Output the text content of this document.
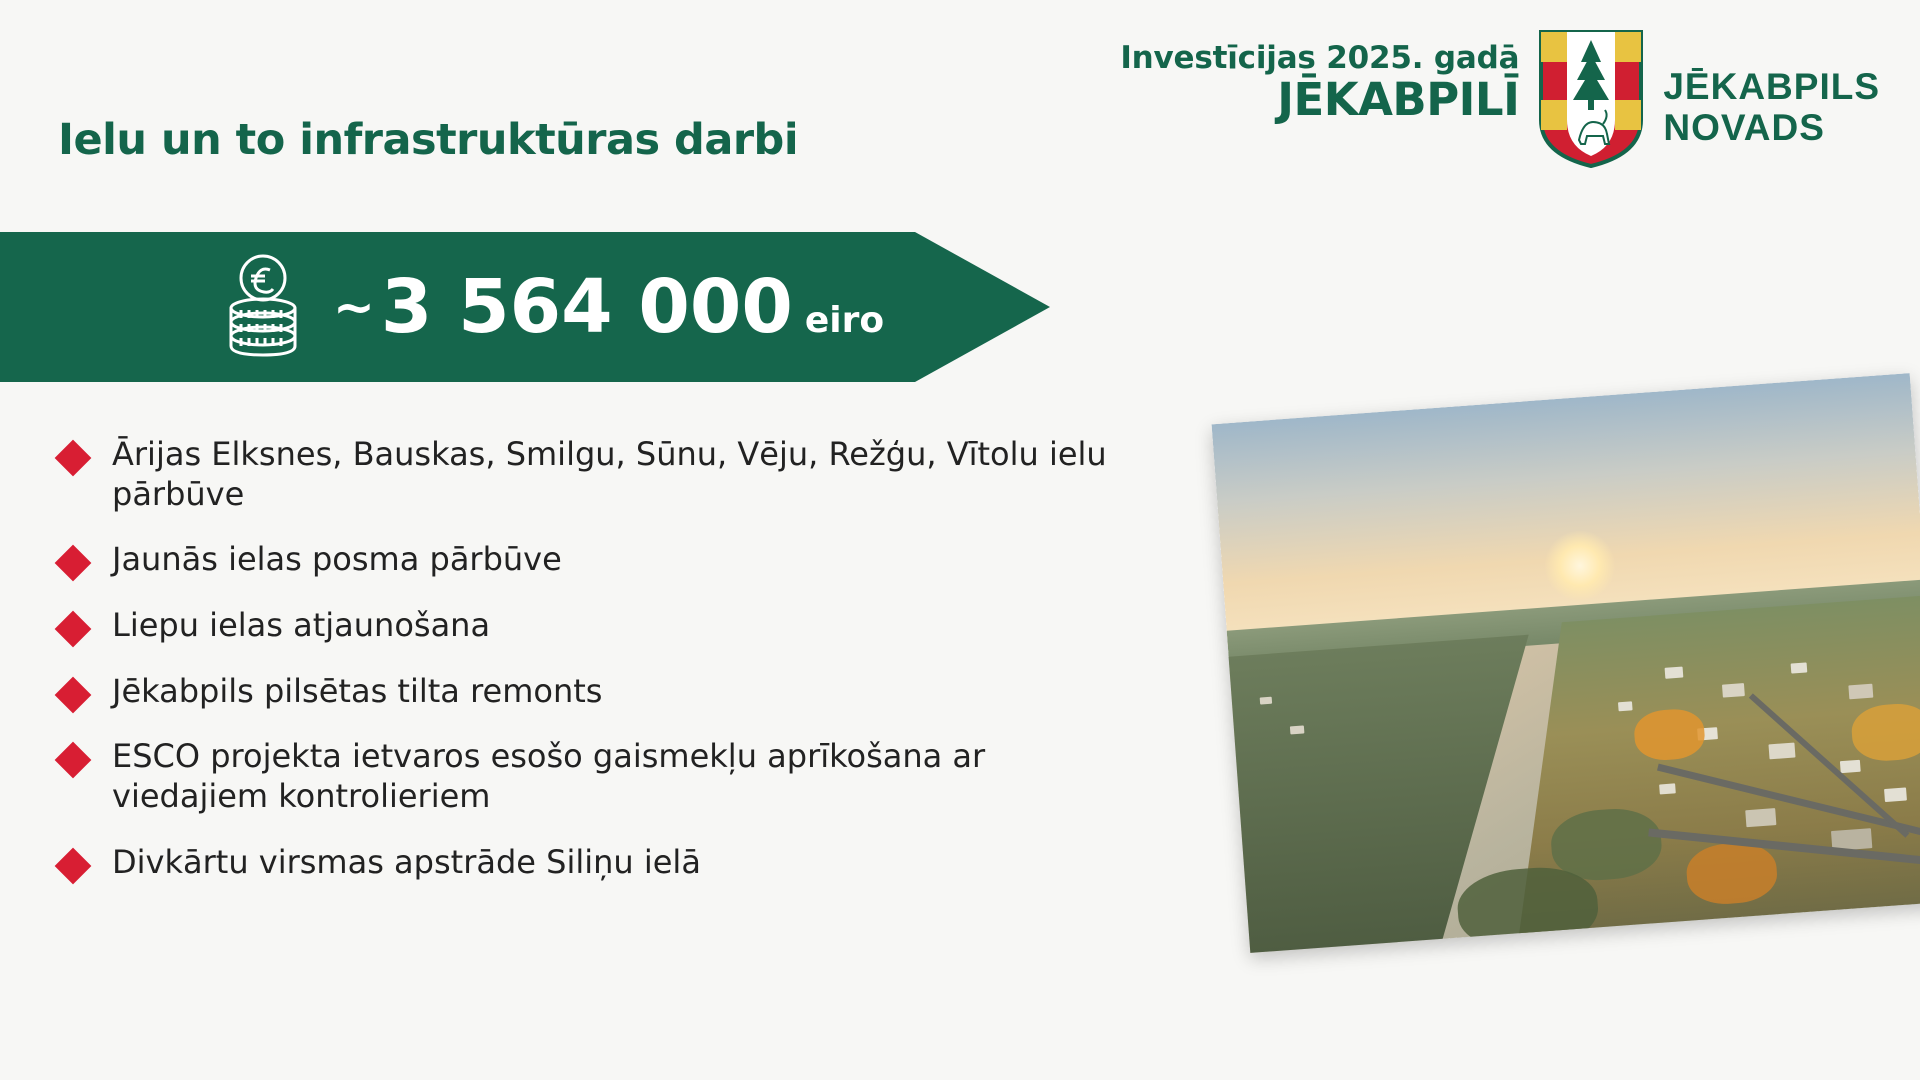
Ielu un to infrastruktūras darbi
Investīcijas 2025. gadā
JĒKABPILĪ	JĒKABPILS
NOVADS
~3 564 000 eiro
Ārijas Elksnes, Bauskas, Smilgu, Sūnu, Vēju, Režģu, Vītolu ielu pārbūve
Jaunās ielas posma pārbūve
Liepu ielas atjaunošana
Jēkabpils pilsētas tilta remonts
ESCO projekta ietvaros esošo gaismekļu aprīkošana ar viedajiem kontrolieriem
Divkārtu virsmas apstrāde Siliņu ielā
